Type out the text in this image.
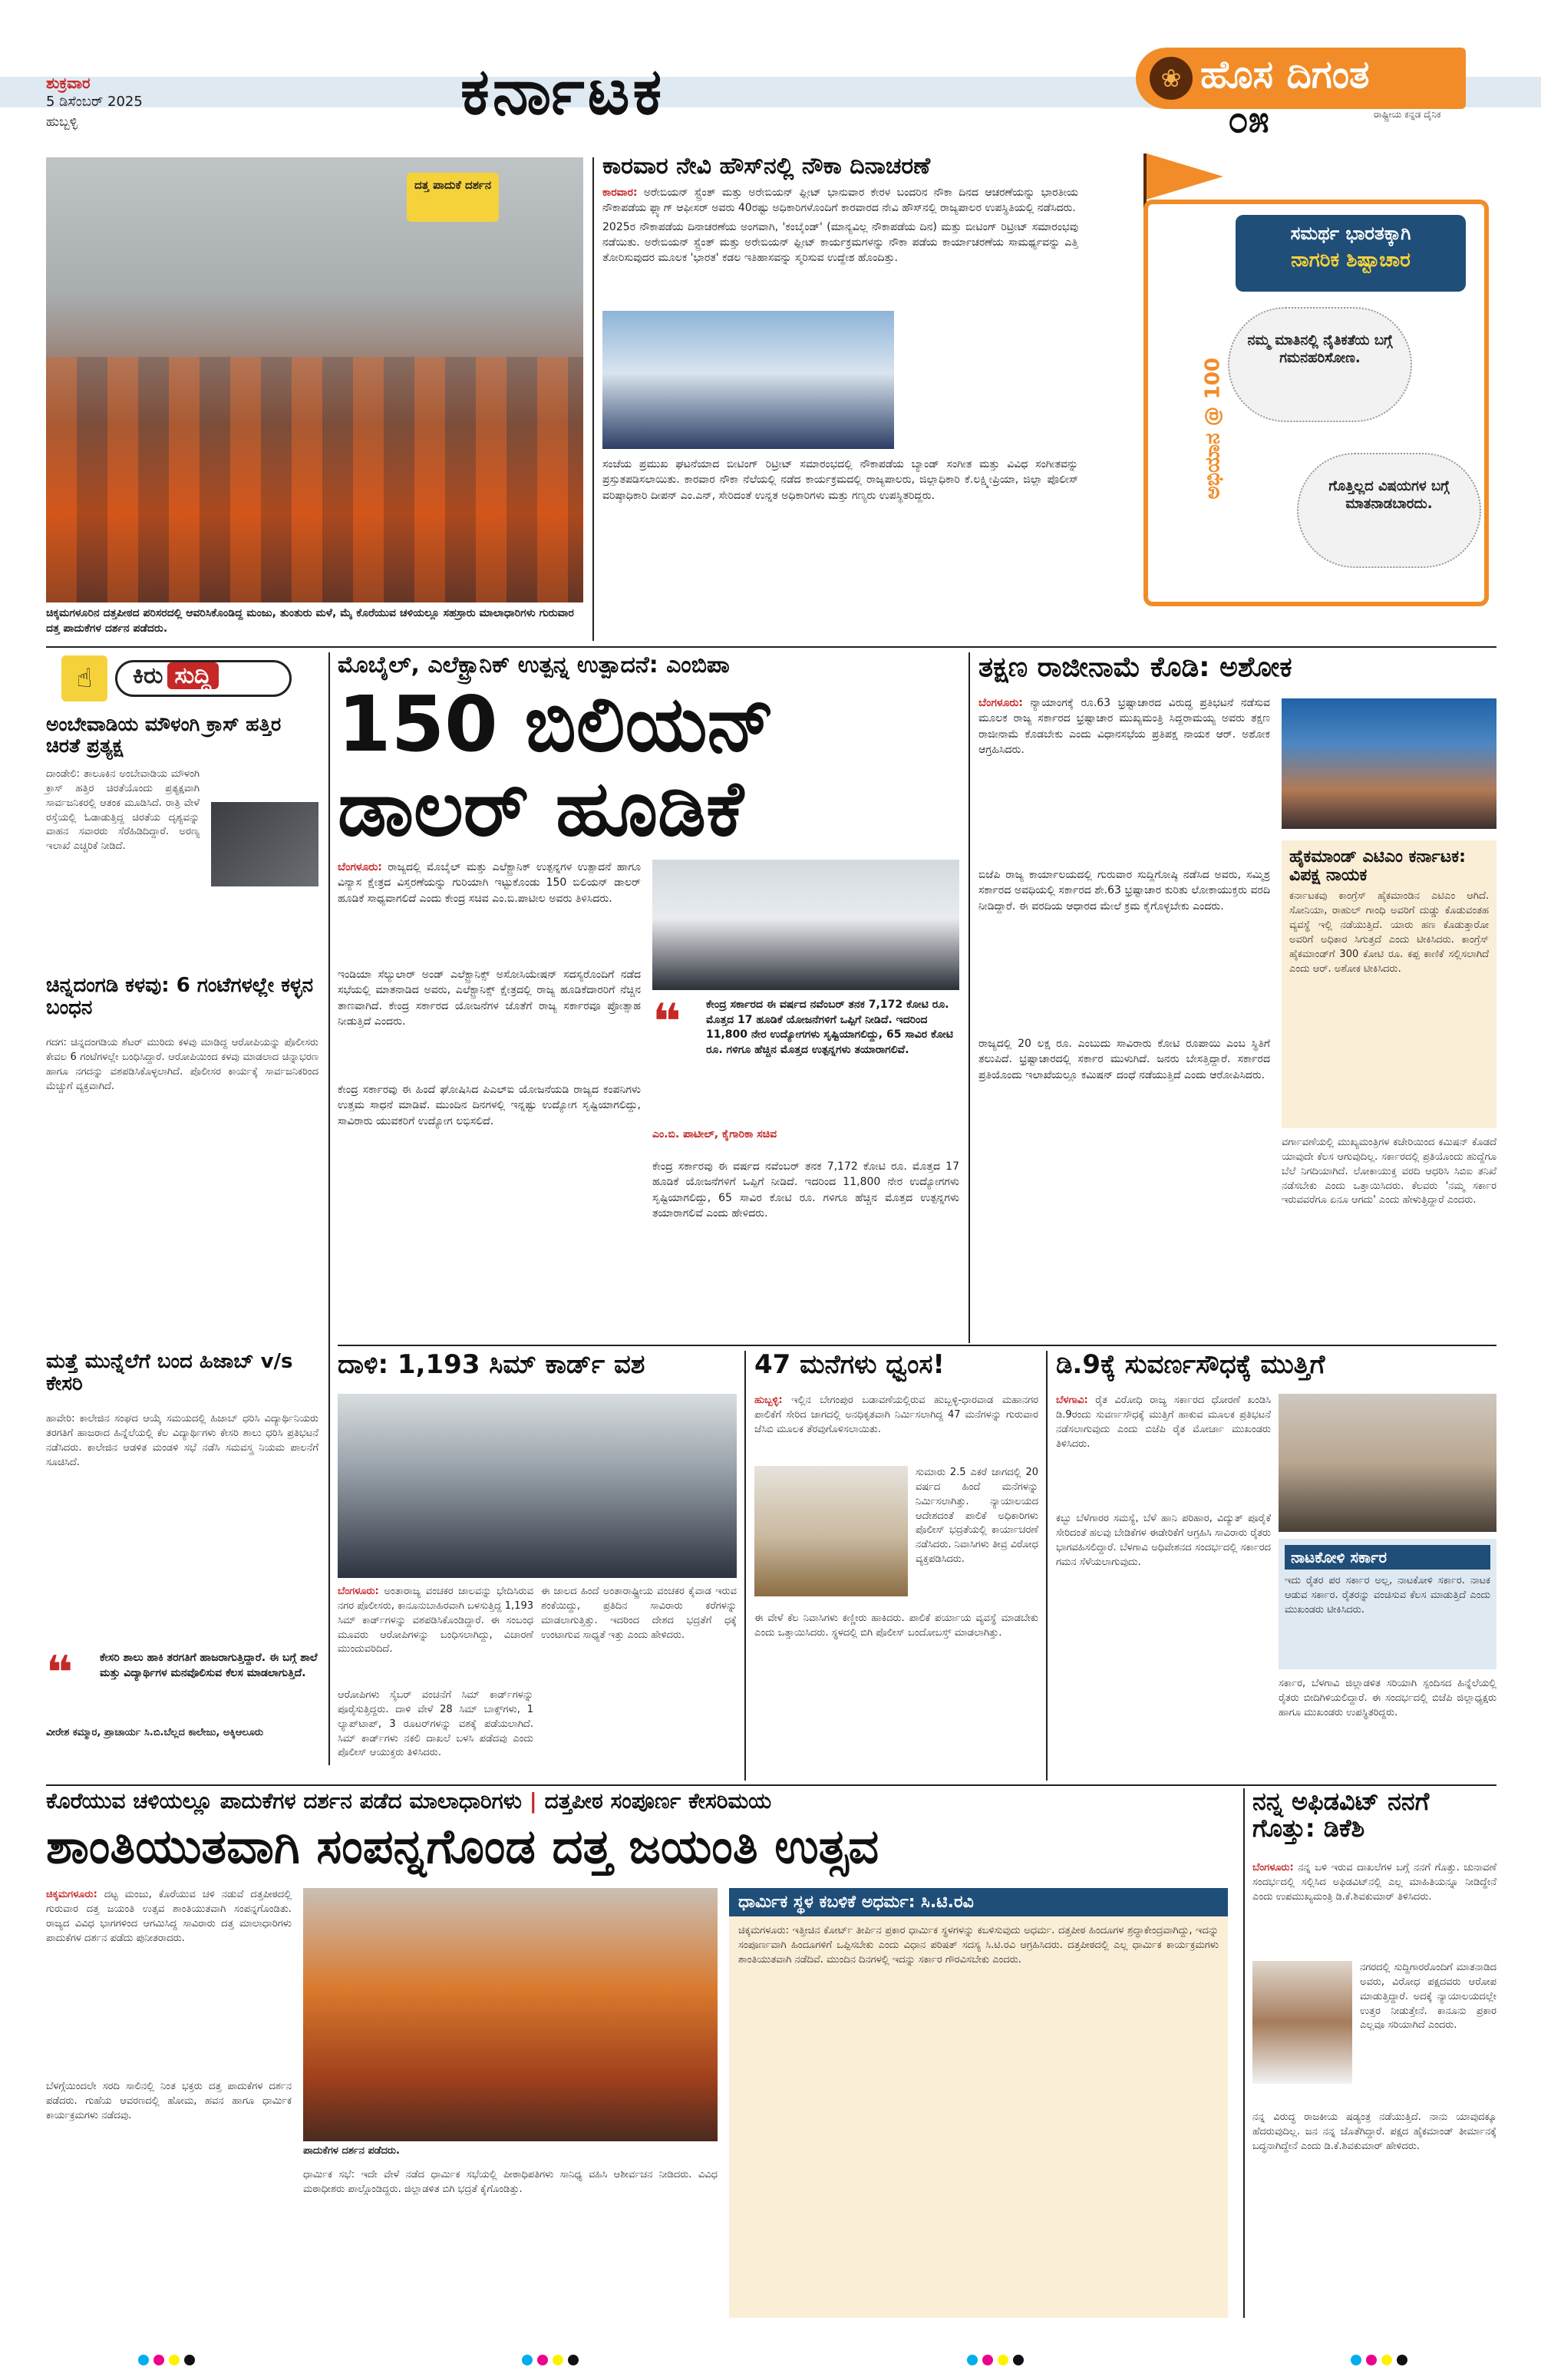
ಶುಕ್ರವಾರ
5 ಡಿಸೆಂಬರ್ 2025
ಹುಬ್ಬಳ್ಳಿ	ಕರ್ನಾಟಕ	❀ ಹೊಸ ದಿಗಂತ
ರಾಷ್ಟ್ರೀಯ ಕನ್ನಡ ದೈನಿಕ
೦೫
ದತ್ತ ಪಾದುಕೆ ದರ್ಶನ
ಚಿಕ್ಕಮಗಳೂರಿನ ದತ್ತಪೀಠದ ಪರಿಸರದಲ್ಲಿ ಆವರಿಸಿಕೊಂಡಿದ್ದ ಮಂಜು, ತುಂತುರು ಮಳೆ, ಮೈ ಕೊರೆಯುವ ಚಳಿಯಲ್ಲೂ ಸಹಸ್ರಾರು ಮಾಲಾಧಾರಿಗಳು ಗುರುವಾರ ದತ್ತ ಪಾದುಕೆಗಳ ದರ್ಶನ ಪಡೆದರು.
ಕಾರವಾರ ನೇವಿ ಹೌಸ್‌ನಲ್ಲಿ ನೌಕಾ ದಿನಾಚರಣೆ
ಕಾರವಾರ: ಅರೇಬಿಯನ್ ಸ್ಟ್ರೆಂತ್ ಮತ್ತು ಅರೇಬಿಯನ್ ಫ್ಲೀಟ್ ಭಾನುವಾರ ಕೇರಳ ಬಂದರಿನ ನೌಕಾ ದಿನದ ಆಚರಣೆಯನ್ನು ಭಾರತೀಯ ನೌಕಾಪಡೆಯ ಫ್ಲ್ಯಾಗ್ ಆಫೀಸರ್ ಅವರು 40ರಷ್ಟು ಅಧಿಕಾರಿಗಳೊಂದಿಗೆ ಕಾರವಾರದ ನೇವಿ ಹೌಸ್‌ನಲ್ಲಿ ರಾಜ್ಯಪಾಲರ ಉಪಸ್ಥಿತಿಯಲ್ಲಿ ನಡೆಸಿದರು.
2025ರ ನೌಕಾಪಡೆಯ ದಿನಾಚರಣೆಯ ಅಂಗವಾಗಿ, 'ಕಂಬೈಂಡ್' (ಮಾನ್ಯವಿಲ್ಲ ನೌಕಾಪಡೆಯ ದಿನ) ಮತ್ತು ಬೀಟಿಂಗ್ ರಿಟ್ರೀಟ್ ಸಮಾರಂಭವು ನಡೆಯಿತು. ಅರೇಬಿಯನ್ ಸ್ಟ್ರೆಂತ್ ಮತ್ತು ಅರೇಬಿಯನ್ ಫ್ಲೀಟ್ ಕಾರ್ಯಕ್ರಮಗಳನ್ನು ನೌಕಾ ಪಡೆಯ ಕಾರ್ಯಾಚರಣೆಯ ಸಾಮರ್ಥ್ಯವನ್ನು ಎತ್ತಿ ತೋರಿಸುವುದರ ಮೂಲಕ 'ಭಾರತ' ಕಡಲ ಇತಿಹಾಸವನ್ನು ಸ್ಮರಿಸುವ ಉದ್ದೇಶ ಹೊಂದಿತ್ತು.
ಸಂಜೆಯ ಪ್ರಮುಖ ಘಟನೆಯಾದ ಬೀಟಿಂಗ್ ರಿಟ್ರೀಟ್ ಸಮಾರಂಭದಲ್ಲಿ ನೌಕಾಪಡೆಯ ಬ್ಯಾಂಡ್ ಸಂಗೀತ ಮತ್ತು ವಿವಿಧ ಸಂಗೀತವನ್ನು ಪ್ರಸ್ತುತಪಡಿಸಲಾಯಿತು. ಕಾರವಾರ ನೌಕಾ ನೆಲೆಯಲ್ಲಿ ನಡೆದ ಕಾರ್ಯಕ್ರಮದಲ್ಲಿ ರಾಜ್ಯಪಾಲರು, ಜಿಲ್ಲಾಧಿಕಾರಿ ಕೆ.ಲಕ್ಷ್ಮೀಪ್ರಿಯಾ, ಜಿಲ್ಲಾ ಪೊಲೀಸ್ ವರಿಷ್ಠಾಧಿಕಾರಿ ದೀಪನ್ ಎಂ.ಎನ್, ಸೇರಿದಂತೆ ಉನ್ನತ ಅಧಿಕಾರಿಗಳು ಮತ್ತು ಗಣ್ಯರು ಉಪಸ್ಥಿತರಿದ್ದರು.	ಅಭಿಯಾನ @ 100
ಸಮರ್ಥ ಭಾರತಕ್ಕಾಗಿ
ನಾಗರಿಕ ಶಿಷ್ಟಾಚಾರ
ನಮ್ಮ ಮಾತಿನಲ್ಲಿ ನೈತಿಕತೆಯ ಬಗ್ಗೆ ಗಮನಹರಿಸೋಣ.
ಗೊತ್ತಿಲ್ಲದ ವಿಷಯಗಳ ಬಗ್ಗೆ ಮಾತನಾಡಬಾರದು.
☝	ಕಿರು ಸುದ್ದಿ
ಅಂಬೇವಾಡಿಯ ಮೌಳಂಗಿ ಕ್ರಾಸ್ ಹತ್ತಿರ ಚಿರತೆ ಪ್ರತ್ಯಕ್ಷ
ದಾಂಡೇಲಿ: ತಾಲೂಕಿನ ಅಂಬೇವಾಡಿಯ ಮೌಳಂಗಿ ಕ್ರಾಸ್ ಹತ್ತಿರ ಚಿರತೆಯೊಂದು ಪ್ರತ್ಯಕ್ಷವಾಗಿ ಸಾರ್ವಜನಿಕರಲ್ಲಿ ಆತಂಕ ಮೂಡಿಸಿದೆ. ರಾತ್ರಿ ವೇಳೆ ರಸ್ತೆಯಲ್ಲಿ ಓಡಾಡುತ್ತಿದ್ದ ಚಿರತೆಯ ದೃಶ್ಯವನ್ನು ವಾಹನ ಸವಾರರು ಸೆರೆಹಿಡಿದಿದ್ದಾರೆ. ಅರಣ್ಯ ಇಲಾಖೆ ಎಚ್ಚರಿಕೆ ನೀಡಿದೆ.
ಚಿನ್ನದಂಗಡಿ ಕಳವು: 6 ಗಂಟೆಗಳಲ್ಲೇ ಕಳ್ಳನ ಬಂಧನ
ಗದಗ: ಚಿನ್ನದಂಗಡಿಯ ಶೆಟರ್ ಮುರಿದು ಕಳವು ಮಾಡಿದ್ದ ಆರೋಪಿಯನ್ನು ಪೊಲೀಸರು ಕೇವಲ 6 ಗಂಟೆಗಳಲ್ಲೇ ಬಂಧಿಸಿದ್ದಾರೆ. ಆರೋಪಿಯಿಂದ ಕಳವು ಮಾಡಲಾದ ಚಿನ್ನಾಭರಣ ಹಾಗೂ ನಗದನ್ನು ವಶಪಡಿಸಿಕೊಳ್ಳಲಾಗಿದೆ. ಪೊಲೀಸರ ಕಾರ್ಯಕ್ಕೆ ಸಾರ್ವಜನಿಕರಿಂದ ಮೆಚ್ಚುಗೆ ವ್ಯಕ್ತವಾಗಿದೆ.
ಮತ್ತೆ ಮುನ್ನೆಲೆಗೆ ಬಂದ ಹಿಜಾಬ್ v/s ಕೇಸರಿ
ಹಾವೇರಿ: ಕಾಲೇಜಿನ ಸಂಘದ ಆಯ್ಕೆ ಸಮಯದಲ್ಲಿ ಹಿಜಾಬ್ ಧರಿಸಿ ವಿದ್ಯಾರ್ಥಿನಿಯರು ತರಗತಿಗೆ ಹಾಜರಾದ ಹಿನ್ನೆಲೆಯಲ್ಲಿ ಕೆಲ ವಿದ್ಯಾರ್ಥಿಗಳು ಕೇಸರಿ ಶಾಲು ಧರಿಸಿ ಪ್ರತಿಭಟನೆ ನಡೆಸಿದರು. ಕಾಲೇಜಿನ ಆಡಳಿತ ಮಂಡಳಿ ಸಭೆ ನಡೆಸಿ ಸಮವಸ್ತ್ರ ನಿಯಮ ಪಾಲನೆಗೆ ಸೂಚಿಸಿದೆ.
❝ ಕೇಸರಿ ಶಾಲು ಹಾಕಿ ತರಗತಿಗೆ ಹಾಜರಾಗುತ್ತಿದ್ದಾರೆ. ಈ ಬಗ್ಗೆ ಶಾಲೆ ಮತ್ತು ವಿದ್ಯಾರ್ಥಿಗಳ ಮನವೊಲಿಸುವ ಕೆಲಸ ಮಾಡಲಾಗುತ್ತಿದೆ.
ವೀರೇಶ ಕಮ್ಮಾರ, ಪ್ರಾಚಾರ್ಯ ಸಿ.ಬಿ.ಬೆಲ್ಲದ ಕಾಲೇಜು, ಅಕ್ಕಿಆಲೂರು
ಮೊಬೈಲ್, ಎಲೆಕ್ಟ್ರಾನಿಕ್ ಉತ್ಪನ್ನ ಉತ್ಪಾದನೆ: ಎಂಬಿಪಾ
150 ಬಿಲಿಯನ್
ಡಾಲರ್ ಹೂಡಿಕೆ
ಬೆಂಗಳೂರು: ರಾಜ್ಯದಲ್ಲಿ ಮೊಬೈಲ್ ಮತ್ತು ಎಲೆಕ್ಟ್ರಾನಿಕ್ ಉತ್ಪನ್ನಗಳ ಉತ್ಪಾದನೆ ಹಾಗೂ ವಿನ್ಯಾಸ ಕ್ಷೇತ್ರದ ವಿಸ್ತರಣೆಯನ್ನು ಗುರಿಯಾಗಿ ಇಟ್ಟುಕೊಂಡು 150 ಬಿಲಿಯನ್ ಡಾಲರ್ ಹೂಡಿಕೆ ಸಾಧ್ಯವಾಗಲಿದೆ ಎಂದು ಕೇಂದ್ರ ಸಚಿವ ಎಂ.ಬಿ.ಪಾಟೀಲ ಅವರು ತಿಳಿಸಿದರು.
ಇಂಡಿಯಾ ಸೆಲ್ಯುಲಾರ್ ಅಂಡ್ ಎಲೆಕ್ಟ್ರಾನಿಕ್ಸ್ ಅಸೋಸಿಯೇಷನ್ ಸದಸ್ಯರೊಂದಿಗೆ ನಡೆದ ಸಭೆಯಲ್ಲಿ ಮಾತನಾಡಿದ ಅವರು, ಎಲೆಕ್ಟ್ರಾನಿಕ್ಸ್ ಕ್ಷೇತ್ರದಲ್ಲಿ ರಾಜ್ಯ ಹೂಡಿಕೆದಾರರಿಗೆ ನೆಚ್ಚಿನ ತಾಣವಾಗಿದೆ. ಕೇಂದ್ರ ಸರ್ಕಾರದ ಯೋಜನೆಗಳ ಜೊತೆಗೆ ರಾಜ್ಯ ಸರ್ಕಾರವೂ ಪ್ರೋತ್ಸಾಹ ನೀಡುತ್ತಿದೆ ಎಂದರು.
ಕೇಂದ್ರ ಸರ್ಕಾರವು ಈ ಹಿಂದೆ ಘೋಷಿಸಿದ ಪಿಎಲ್‌ಐ ಯೋಜನೆಯಡಿ ರಾಜ್ಯದ ಕಂಪನಿಗಳು ಉತ್ತಮ ಸಾಧನೆ ಮಾಡಿವೆ. ಮುಂದಿನ ದಿನಗಳಲ್ಲಿ ಇನ್ನಷ್ಟು ಉದ್ಯೋಗ ಸೃಷ್ಟಿಯಾಗಲಿದ್ದು, ಸಾವಿರಾರು ಯುವಕರಿಗೆ ಉದ್ಯೋಗ ಲಭಿಸಲಿದೆ.
❝ ಕೇಂದ್ರ ಸರ್ಕಾರದ ಈ ವರ್ಷದ ನವೆಂಬರ್ ತನಕ 7,172 ಕೋಟಿ ರೂ. ಮೊತ್ತದ 17 ಹೂಡಿಕೆ ಯೋಜನೆಗಳಿಗೆ ಒಪ್ಪಿಗೆ ನೀಡಿದೆ. ಇದರಿಂದ 11,800 ನೇರ ಉದ್ಯೋಗಗಳು ಸೃಷ್ಟಿಯಾಗಲಿದ್ದು, 65 ಸಾವಿರ ಕೋಟಿ ರೂ. ಗಳಿಗೂ ಹೆಚ್ಚಿನ ಮೊತ್ತದ ಉತ್ಪನ್ನಗಳು ತಯಾರಾಗಲಿವೆ.
ಎಂ.ಬಿ. ಪಾಟೀಲ್, ಕೈಗಾರಿಕಾ ಸಚಿವ
ಕೇಂದ್ರ ಸರ್ಕಾರವು ಈ ವರ್ಷದ ನವೆಂಬರ್ ತನಕ 7,172 ಕೋಟಿ ರೂ. ಮೊತ್ತದ 17 ಹೂಡಿಕೆ ಯೋಜನೆಗಳಿಗೆ ಒಪ್ಪಿಗೆ ನೀಡಿದೆ. ಇದರಿಂದ 11,800 ನೇರ ಉದ್ಯೋಗಗಳು ಸೃಷ್ಟಿಯಾಗಲಿದ್ದು, 65 ಸಾವಿರ ಕೋಟಿ ರೂ. ಗಳಿಗೂ ಹೆಚ್ಚಿನ ಮೊತ್ತದ ಉತ್ಪನ್ನಗಳು ತಯಾರಾಗಲಿವೆ ಎಂದು ಹೇಳಿದರು.
ತಕ್ಷಣ ರಾಜೀನಾಮೆ ಕೊಡಿ: ಅಶೋಕ
ಬೆಂಗಳೂರು: ನ್ಯಾಯಾಂಗಕ್ಕೆ ರೂ.63 ಭ್ರಷ್ಟಾಚಾರದ ವಿರುದ್ಧ ಪ್ರತಿಭಟನೆ ನಡೆಸುವ ಮೂಲಕ ರಾಜ್ಯ ಸರ್ಕಾರದ ಭ್ರಷ್ಟಾಚಾರ ಮುಖ್ಯಮಂತ್ರಿ ಸಿದ್ದರಾಮಯ್ಯ ಅವರು ತಕ್ಷಣ ರಾಜೀನಾಮೆ ಕೊಡಬೇಕು ಎಂದು ವಿಧಾನಸಭೆಯ ಪ್ರತಿಪಕ್ಷ ನಾಯಕ ಆರ್. ಅಶೋಕ ಆಗ್ರಹಿಸಿದರು.
ಹೈಕಮಾಂಡ್ ಎಟಿಎಂ ಕರ್ನಾಟಕ: ವಿಪಕ್ಷ ನಾಯಕ
ಕರ್ನಾಟಕವು ಕಾಂಗ್ರೆಸ್ ಹೈಕಮಾಂಡಿನ ಎಟಿಎಂ ಆಗಿದೆ. ಸೋನಿಯಾ, ರಾಹುಲ್ ಗಾಂಧಿ ಅವರಿಗೆ ದುಡ್ಡು ಕೊಡುವಂತಹ ವ್ಯವಸ್ಥೆ ಇಲ್ಲಿ ನಡೆಯುತ್ತಿದೆ. ಯಾರು ಹಣ ಕೊಡುತ್ತಾರೋ ಅವರಿಗೆ ಅಧಿಕಾರ ಸಿಗುತ್ತದೆ ಎಂದು ಟೀಕಿಸಿದರು. ಕಾಂಗ್ರೆಸ್ ಹೈಕಮಾಂಡ್‌ಗೆ 300 ಕೋಟಿ ರೂ. ಕಪ್ಪ ಕಾಣಿಕೆ ಸಲ್ಲಿಸಲಾಗಿದೆ ಎಂದು ಆರ್. ಅಶೋಕ ಟೀಕಿಸಿದರು.
ಬಿಜೆಪಿ ರಾಜ್ಯ ಕಾರ್ಯಾಲಯದಲ್ಲಿ ಗುರುವಾರ ಸುದ್ದಿಗೋಷ್ಠಿ ನಡೆಸಿದ ಅವರು, ಸಮ್ಮಿಶ್ರ ಸರ್ಕಾರದ ಅವಧಿಯಲ್ಲಿ ಸರ್ಕಾರದ ಶೇ.63 ಭ್ರಷ್ಟಾಚಾರ ಕುರಿತು ಲೋಕಾಯುಕ್ತರು ವರದಿ ನೀಡಿದ್ದಾರೆ. ಈ ವರದಿಯ ಆಧಾರದ ಮೇಲೆ ಕ್ರಮ ಕೈಗೊಳ್ಳಬೇಕು ಎಂದರು.
ರಾಜ್ಯದಲ್ಲಿ 20 ಲಕ್ಷ ರೂ. ಎಂಬುದು ಸಾವಿರಾರು ಕೋಟಿ ರೂಪಾಯಿ ಎಂಬ ಸ್ಥಿತಿಗೆ ತಲುಪಿದೆ. ಭ್ರಷ್ಟಾಚಾರದಲ್ಲಿ ಸರ್ಕಾರ ಮುಳುಗಿದೆ. ಜನರು ಬೇಸತ್ತಿದ್ದಾರೆ. ಸರ್ಕಾರದ ಪ್ರತಿಯೊಂದು ಇಲಾಖೆಯಲ್ಲೂ ಕಮಿಷನ್ ದಂಧೆ ನಡೆಯುತ್ತಿದೆ ಎಂದು ಆರೋಪಿಸಿದರು.
ವರ್ಗಾವಣೆಯಲ್ಲಿ ಮುಖ್ಯಮಂತ್ರಿಗಳ ಕಚೇರಿಯಿಂದ ಕಮಿಷನ್ ಕೊಡದೆ ಯಾವುದೇ ಕೆಲಸ ಆಗುವುದಿಲ್ಲ. ಸರ್ಕಾರದಲ್ಲಿ ಪ್ರತಿಯೊಂದು ಹುದ್ದೆಗೂ ಬೆಲೆ ನಿಗದಿಯಾಗಿದೆ. ಲೋಕಾಯುಕ್ತ ವರದಿ ಆಧರಿಸಿ ಸಿಬಿಐ ತನಿಖೆ ನಡೆಸಬೇಕು ಎಂದು ಒತ್ತಾಯಿಸಿದರು. ಕೆಲವರು 'ನಮ್ಮ ಸರ್ಕಾರ ಇರುವವರೆಗೂ ಏನೂ ಆಗದು' ಎಂದು ಹೇಳುತ್ತಿದ್ದಾರೆ ಎಂದರು.
ದಾಳಿ: 1,193 ಸಿಮ್ ಕಾರ್ಡ್ ವಶ
ಬೆಂಗಳೂರು: ಅಂತಾರಾಜ್ಯ ವಂಚಕರ ಜಾಲವನ್ನು ಭೇದಿಸಿರುವ ನಗರ ಪೊಲೀಸರು, ಕಾನೂನುಬಾಹಿರವಾಗಿ ಬಳಸುತ್ತಿದ್ದ 1,193 ಸಿಮ್ ಕಾರ್ಡ್‌ಗಳನ್ನು ವಶಪಡಿಸಿಕೊಂಡಿದ್ದಾರೆ. ಈ ಸಂಬಂಧ ಮೂವರು ಆರೋಪಿಗಳನ್ನು ಬಂಧಿಸಲಾಗಿದ್ದು, ವಿಚಾರಣೆ ಮುಂದುವರಿದಿದೆ.
ಆರೋಪಿಗಳು ಸೈಬರ್ ವಂಚನೆಗೆ ಸಿಮ್ ಕಾರ್ಡ್‌ಗಳನ್ನು ಪೂರೈಸುತ್ತಿದ್ದರು. ದಾಳಿ ವೇಳೆ 28 ಸಿಮ್ ಬಾಕ್ಸ್‌ಗಳು, 1 ಲ್ಯಾಪ್‌ಟಾಪ್, 3 ರೂಟರ್‌ಗಳನ್ನು ವಶಕ್ಕೆ ಪಡೆಯಲಾಗಿದೆ. ಸಿಮ್ ಕಾರ್ಡ್‌ಗಳು ನಕಲಿ ದಾಖಲೆ ಬಳಸಿ ಪಡೆದವು ಎಂದು ಪೊಲೀಸ್ ಆಯುಕ್ತರು ತಿಳಿಸಿದರು.
ಈ ಜಾಲದ ಹಿಂದೆ ಅಂತಾರಾಷ್ಟ್ರೀಯ ವಂಚಕರ ಕೈವಾಡ ಇರುವ ಶಂಕೆಯಿದ್ದು, ಪ್ರತಿದಿನ ಸಾವಿರಾರು ಕರೆಗಳನ್ನು ಮಾಡಲಾಗುತ್ತಿತ್ತು. ಇದರಿಂದ ದೇಶದ ಭದ್ರತೆಗೆ ಧಕ್ಕೆ ಉಂಟಾಗುವ ಸಾಧ್ಯತೆ ಇತ್ತು ಎಂದು ಹೇಳಿದರು.
47 ಮನೆಗಳು ಧ್ವಂಸ!
ಹುಬ್ಬಳ್ಳಿ: ಇಲ್ಲಿನ ಬೇಗಂಪುರ ಬಡಾವಣೆಯಲ್ಲಿರುವ ಹುಬ್ಬಳ್ಳಿ-ಧಾರವಾಡ ಮಹಾನಗರ ಪಾಲಿಕೆಗೆ ಸೇರಿದ ಜಾಗದಲ್ಲಿ ಅನಧಿಕೃತವಾಗಿ ನಿರ್ಮಿಸಲಾಗಿದ್ದ 47 ಮನೆಗಳನ್ನು ಗುರುವಾರ ಜೆಸಿಬಿ ಮೂಲಕ ತೆರವುಗೊಳಿಸಲಾಯಿತು.
ಸುಮಾರು 2.5 ಎಕರೆ ಜಾಗದಲ್ಲಿ 20 ವರ್ಷದ ಹಿಂದೆ ಮನೆಗಳನ್ನು ನಿರ್ಮಿಸಲಾಗಿತ್ತು. ನ್ಯಾಯಾಲಯದ ಆದೇಶದಂತೆ ಪಾಲಿಕೆ ಅಧಿಕಾರಿಗಳು ಪೊಲೀಸ್ ಭದ್ರತೆಯಲ್ಲಿ ಕಾರ್ಯಾಚರಣೆ ನಡೆಸಿದರು. ನಿವಾಸಿಗಳು ತೀವ್ರ ವಿರೋಧ ವ್ಯಕ್ತಪಡಿಸಿದರು.
ಈ ವೇಳೆ ಕೆಲ ನಿವಾಸಿಗಳು ಕಣ್ಣೀರು ಹಾಕಿದರು. ಪಾಲಿಕೆ ಪರ್ಯಾಯ ವ್ಯವಸ್ಥೆ ಮಾಡಬೇಕು ಎಂದು ಒತ್ತಾಯಿಸಿದರು. ಸ್ಥಳದಲ್ಲಿ ಬಿಗಿ ಪೊಲೀಸ್ ಬಂದೋಬಸ್ತ್ ಮಾಡಲಾಗಿತ್ತು.
ಡಿ.9ಕ್ಕೆ ಸುವರ್ಣಸೌಧಕ್ಕೆ ಮುತ್ತಿಗೆ
ಬೆಳಗಾವಿ: ರೈತ ವಿರೋಧಿ ರಾಜ್ಯ ಸರ್ಕಾರದ ಧೋರಣೆ ಖಂಡಿಸಿ ಡಿ.9ರಂದು ಸುವರ್ಣಸೌಧಕ್ಕೆ ಮುತ್ತಿಗೆ ಹಾಕುವ ಮೂಲಕ ಪ್ರತಿಭಟನೆ ನಡೆಸಲಾಗುವುದು ಎಂದು ಬಿಜೆಪಿ ರೈತ ಮೋರ್ಚಾ ಮುಖಂಡರು ತಿಳಿಸಿದರು.
ಕಬ್ಬು ಬೆಳೆಗಾರರ ಸಮಸ್ಯೆ, ಬೆಳೆ ಹಾನಿ ಪರಿಹಾರ, ವಿದ್ಯುತ್ ಪೂರೈಕೆ ಸೇರಿದಂತೆ ಹಲವು ಬೇಡಿಕೆಗಳ ಈಡೇರಿಕೆಗೆ ಆಗ್ರಹಿಸಿ ಸಾವಿರಾರು ರೈತರು ಭಾಗವಹಿಸಲಿದ್ದಾರೆ. ಬೆಳಗಾವಿ ಅಧಿವೇಶನದ ಸಂದರ್ಭದಲ್ಲಿ ಸರ್ಕಾರದ ಗಮನ ಸೆಳೆಯಲಾಗುವುದು.	ನಾಟಕೋಳಿ ಸರ್ಕಾರ
ಇದು ರೈತರ ಪರ ಸರ್ಕಾರ ಅಲ್ಲ, ನಾಟಕೋಳಿ ಸರ್ಕಾರ. ನಾಟಕ ಆಡುವ ಸರ್ಕಾರ. ರೈತರನ್ನು ವಂಚಿಸುವ ಕೆಲಸ ಮಾಡುತ್ತಿದೆ ಎಂದು ಮುಖಂಡರು ಟೀಕಿಸಿದರು.
ಸರ್ಕಾರ, ಬೆಳಗಾವಿ ಜಿಲ್ಲಾಡಳಿತ ಸರಿಯಾಗಿ ಸ್ಪಂದಿಸದ ಹಿನ್ನೆಲೆಯಲ್ಲಿ ರೈತರು ಬೀದಿಗಿಳಿಯಲಿದ್ದಾರೆ. ಈ ಸಂದರ್ಭದಲ್ಲಿ ಬಿಜೆಪಿ ಜಿಲ್ಲಾಧ್ಯಕ್ಷರು ಹಾಗೂ ಮುಖಂಡರು ಉಪಸ್ಥಿತರಿದ್ದರು.
ಕೊರೆಯುವ ಚಳಿಯಲ್ಲೂ ಪಾದುಕೆಗಳ ದರ್ಶನ ಪಡೆದ ಮಾಲಾಧಾರಿಗಳು | ದತ್ತಪೀಠ ಸಂಪೂರ್ಣ ಕೇಸರಿಮಯ
ಶಾಂತಿಯುತವಾಗಿ ಸಂಪನ್ನಗೊಂಡ ದತ್ತ ಜಯಂತಿ ಉತ್ಸವ
ಚಿಕ್ಕಮಗಳೂರು: ದಟ್ಟ ಮಂಜು, ಕೊರೆಯುವ ಚಳಿ ನಡುವೆ ದತ್ತಪೀಠದಲ್ಲಿ ಗುರುವಾರ ದತ್ತ ಜಯಂತಿ ಉತ್ಸವ ಶಾಂತಿಯುತವಾಗಿ ಸಂಪನ್ನಗೊಂಡಿತು. ರಾಜ್ಯದ ವಿವಿಧ ಭಾಗಗಳಿಂದ ಆಗಮಿಸಿದ್ದ ಸಾವಿರಾರು ದತ್ತ ಮಾಲಾಧಾರಿಗಳು ಪಾದುಕೆಗಳ ದರ್ಶನ ಪಡೆದು ಪುನೀತರಾದರು.
ಬೆಳಗ್ಗೆಯಿಂದಲೇ ಸರದಿ ಸಾಲಿನಲ್ಲಿ ನಿಂತ ಭಕ್ತರು ದತ್ತ ಪಾದುಕೆಗಳ ದರ್ಶನ ಪಡೆದರು. ಗುಹೆಯ ಆವರಣದಲ್ಲಿ ಹೋಮ, ಹವನ ಹಾಗೂ ಧಾರ್ಮಿಕ ಕಾರ್ಯಕ್ರಮಗಳು ನಡೆದವು.
ಪಾದುಕೆಗಳ ದರ್ಶನ ಪಡೆದರು.
ಧಾರ್ಮಿಕ ಸಭೆ: ಇದೇ ವೇಳೆ ನಡೆದ ಧಾರ್ಮಿಕ ಸಭೆಯಲ್ಲಿ ಪೀಠಾಧಿಪತಿಗಳು ಸಾನಿಧ್ಯ ವಹಿಸಿ ಆಶೀರ್ವಚನ ನೀಡಿದರು. ವಿವಿಧ ಮಠಾಧೀಶರು ಪಾಲ್ಗೊಂಡಿದ್ದರು. ಜಿಲ್ಲಾಡಳಿತ ಬಿಗಿ ಭದ್ರತೆ ಕೈಗೊಂಡಿತ್ತು.
ಧಾರ್ಮಿಕ ಸ್ಥಳ ಕಬಳಿಕೆ ಅಧರ್ಮ: ಸಿ.ಟಿ.ರವಿ
ಚಿಕ್ಕಮಗಳೂರು: ಇತ್ತೀಚಿನ ಕೋರ್ಟ್ ತೀರ್ಪಿನ ಪ್ರಕಾರ ಧಾರ್ಮಿಕ ಸ್ಥಳಗಳನ್ನು ಕಬಳಿಸುವುದು ಅಧರ್ಮ. ದತ್ತಪೀಠ ಹಿಂದೂಗಳ ಶ್ರದ್ಧಾಕೇಂದ್ರವಾಗಿದ್ದು, ಇದನ್ನು ಸಂಪೂರ್ಣವಾಗಿ ಹಿಂದೂಗಳಿಗೆ ಒಪ್ಪಿಸಬೇಕು ಎಂದು ವಿಧಾನ ಪರಿಷತ್ ಸದಸ್ಯ ಸಿ.ಟಿ.ರವಿ ಆಗ್ರಹಿಸಿದರು. ದತ್ತಪೀಠದಲ್ಲಿ ಎಲ್ಲ ಧಾರ್ಮಿಕ ಕಾರ್ಯಕ್ರಮಗಳು ಶಾಂತಿಯುತವಾಗಿ ನಡೆದಿವೆ. ಮುಂದಿನ ದಿನಗಳಲ್ಲಿ ಇದನ್ನು ಸರ್ಕಾರ ಗೌರವಿಸಬೇಕು ಎಂದರು.
ನನ್ನ ಅಫಿಡವಿಟ್ ನನಗೆ ಗೊತ್ತು: ಡಿಕೆಶಿ
ಬೆಂಗಳೂರು: ನನ್ನ ಬಳಿ ಇರುವ ದಾಖಲೆಗಳ ಬಗ್ಗೆ ನನಗೆ ಗೊತ್ತು. ಚುನಾವಣೆ ಸಂದರ್ಭದಲ್ಲಿ ಸಲ್ಲಿಸಿದ ಅಫಿಡವಿಟ್‌ನಲ್ಲಿ ಎಲ್ಲ ಮಾಹಿತಿಯನ್ನೂ ನೀಡಿದ್ದೇನೆ ಎಂದು ಉಪಮುಖ್ಯಮಂತ್ರಿ ಡಿ.ಕೆ.ಶಿವಕುಮಾರ್ ತಿಳಿಸಿದರು.
ನಗರದಲ್ಲಿ ಸುದ್ದಿಗಾರರೊಂದಿಗೆ ಮಾತನಾಡಿದ ಅವರು, ವಿರೋಧ ಪಕ್ಷದವರು ಆರೋಪ ಮಾಡುತ್ತಿದ್ದಾರೆ. ಅದಕ್ಕೆ ನ್ಯಾಯಾಲಯದಲ್ಲೇ ಉತ್ತರ ನೀಡುತ್ತೇನೆ. ಕಾನೂನು ಪ್ರಕಾರ ಎಲ್ಲವೂ ಸರಿಯಾಗಿದೆ ಎಂದರು.
ನನ್ನ ವಿರುದ್ಧ ರಾಜಕೀಯ ಷಡ್ಯಂತ್ರ ನಡೆಯುತ್ತಿದೆ. ನಾನು ಯಾವುದಕ್ಕೂ ಹೆದರುವುದಿಲ್ಲ. ಜನ ನನ್ನ ಜೊತೆಗಿದ್ದಾರೆ. ಪಕ್ಷದ ಹೈಕಮಾಂಡ್ ತೀರ್ಮಾನಕ್ಕೆ ಬದ್ಧನಾಗಿದ್ದೇನೆ ಎಂದು ಡಿ.ಕೆ.ಶಿವಕುಮಾರ್ ಹೇಳಿದರು.
